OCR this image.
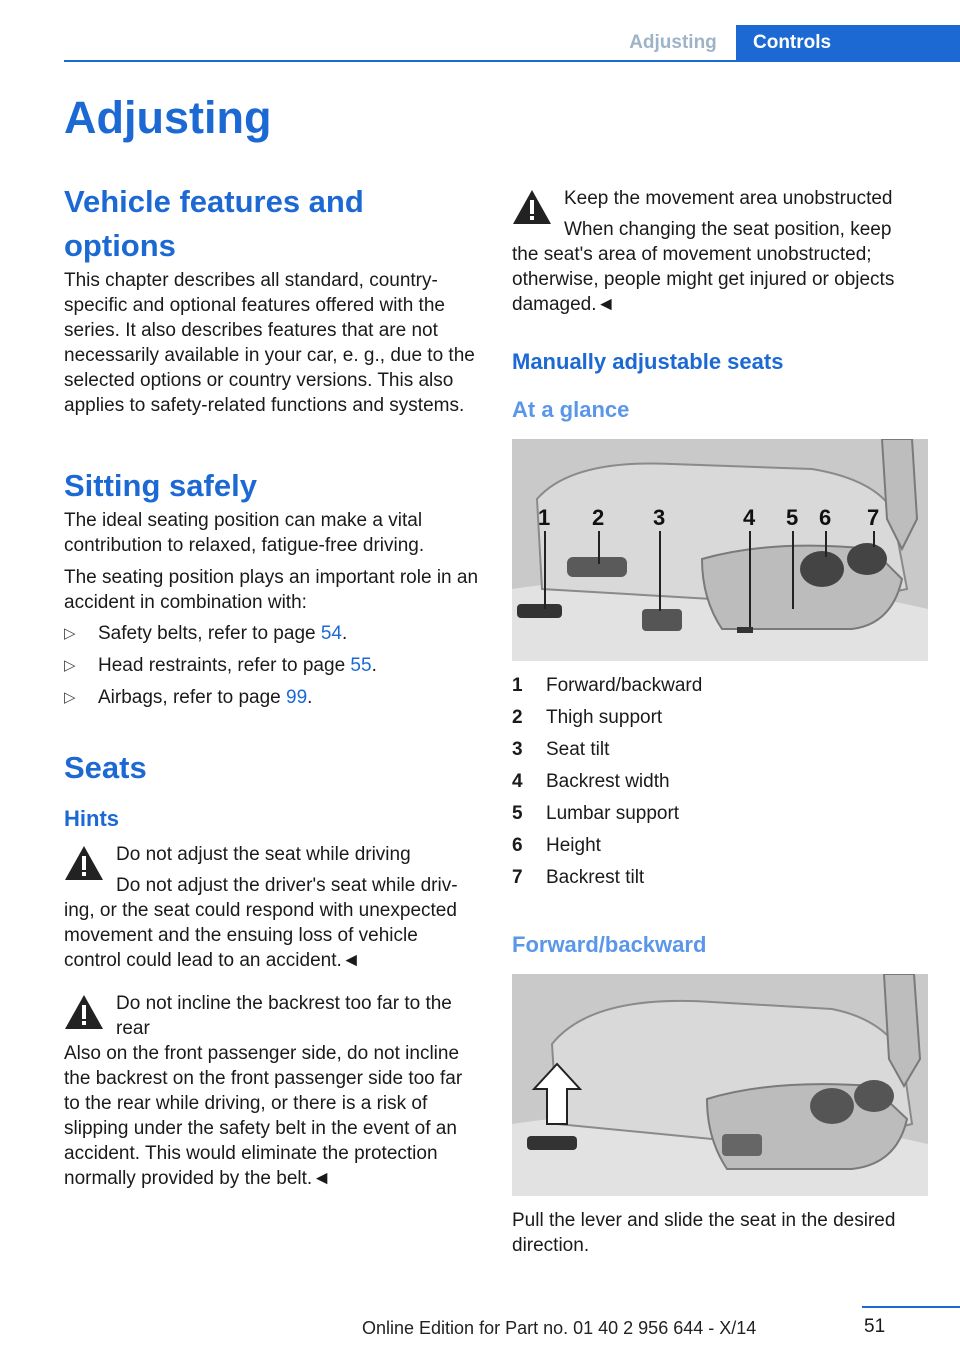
Adjusting	Controls
Adjusting
Vehicle features and options

This chapter describes all standard, country-specific and optional features offered with the series. It also describes features that are not necessarily available in your car, e. g., due to the selected options or country versions. This also applies to safety-related functions and systems.

Sitting safely

The ideal seating position can make a vital contribution to relaxed, fatigue-free driving.

The seating position plays an important role in an accident in combination with:

▷ Safety belts, refer to page 54.
▷ Head restraints, refer to page 55.
▷ Airbags, refer to page 99.
Seats
Hints
Do not adjust the seat while driving
Do not adjust the driver's seat while driv-
ing, or the seat could respond with unexpected movement and the ensuing loss of vehicle control could lead to an accident.◄
Do not incline the backrest too far to the rear
Also on the front passenger side, do not incline the backrest on the front passenger side too far to the rear while driving, or there is a risk of slipping under the safety belt in the event of an accident. This would eliminate the protection normally provided by the belt.◄
Keep the movement area unobstructed
When changing the seat position, keep
the seat's area of movement unobstructed; otherwise, people might get injured or objects damaged.◄
Manually adjustable seats
At a glance
1 2 3	4 5 6 7
1	Forward/backward
2	Thigh support
3	Seat tilt
4	Backrest width
5	Lumbar support
6	Height
7	Backrest tilt
Forward/backward

Pull the lever and slide the seat in the desired direction.

51
Online Edition for Part no. 01 40 2 956 644 - X/14
